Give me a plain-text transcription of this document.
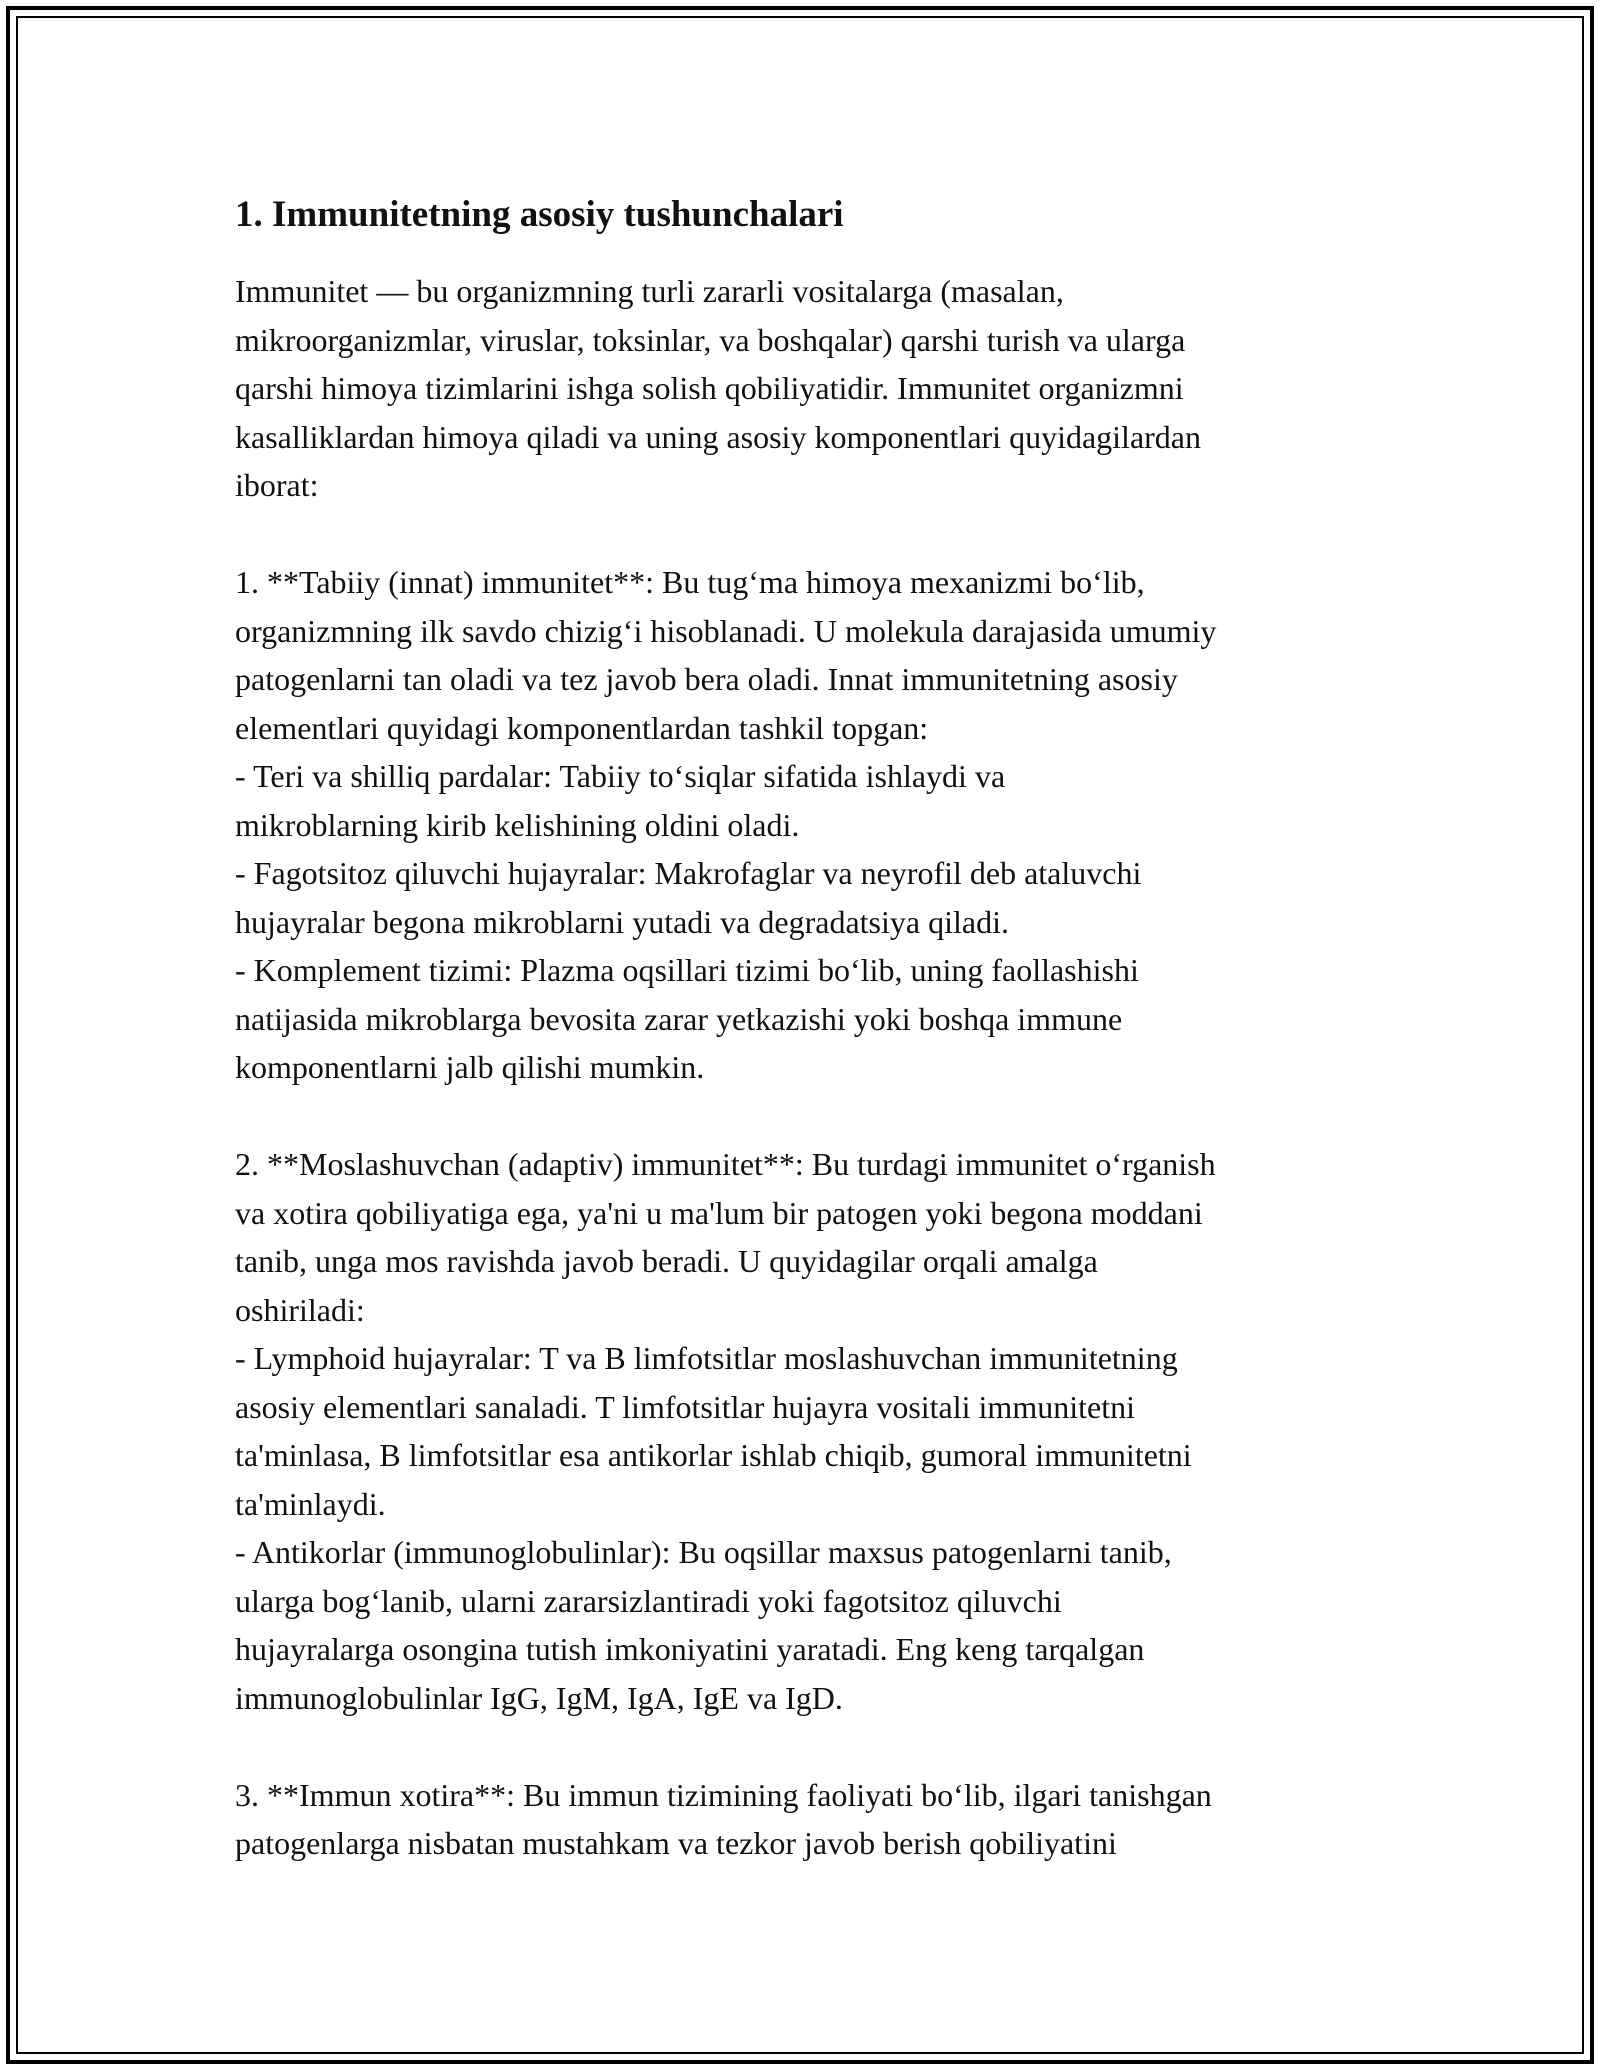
1. Immunitetning asosiy tushunchalari
Immunitet — bu organizmning turli zararli vositalarga (masalan,
mikroorganizmlar, viruslar, toksinlar, va boshqalar) qarshi turish va ularga
qarshi himoya tizimlarini ishga solish qobiliyatidir. Immunitet organizmni
kasalliklardan himoya qiladi va uning asosiy komponentlari quyidagilardan
iborat:

1. **Tabiiy (innat) immunitet**: Bu tug‘ma himoya mexanizmi bo‘lib,
organizmning ilk savdo chizig‘i hisoblanadi. U molekula darajasida umumiy
patogenlarni tan oladi va tez javob bera oladi. Innat immunitetning asosiy
elementlari quyidagi komponentlardan tashkil topgan:
- Teri va shilliq pardalar: Tabiiy to‘siqlar sifatida ishlaydi va
mikroblarning kirib kelishining oldini oladi.
- Fagotsitoz qiluvchi hujayralar: Makrofaglar va neyrofil deb ataluvchi
hujayralar begona mikroblarni yutadi va degradatsiya qiladi.
- Komplement tizimi: Plazma oqsillari tizimi bo‘lib, uning faollashishi
natijasida mikroblarga bevosita zarar yetkazishi yoki boshqa immune
komponentlarni jalb qilishi mumkin.

2. **Moslashuvchan (adaptiv) immunitet**: Bu turdagi immunitet o‘rganish
va xotira qobiliyatiga ega, ya'ni u ma'lum bir patogen yoki begona moddani
tanib, unga mos ravishda javob beradi. U quyidagilar orqali amalga
oshiriladi:
- Lymphoid hujayralar: T va B limfotsitlar moslashuvchan immunitetning
asosiy elementlari sanaladi. T limfotsitlar hujayra vositali immunitetni
ta'minlasa, B limfotsitlar esa antikorlar ishlab chiqib, gumoral immunitetni
ta'minlaydi.
- Antikorlar (immunoglobulinlar): Bu oqsillar maxsus patogenlarni tanib,
ularga bog‘lanib, ularni zararsizlantiradi yoki fagotsitoz qiluvchi
hujayralarga osongina tutish imkoniyatini yaratadi. Eng keng tarqalgan
immunoglobulinlar IgG, IgM, IgA, IgE va IgD.

3. **Immun xotira**: Bu immun tizimining faoliyati bo‘lib, ilgari tanishgan
patogenlarga nisbatan mustahkam va tezkor javob berish qobiliyatini
